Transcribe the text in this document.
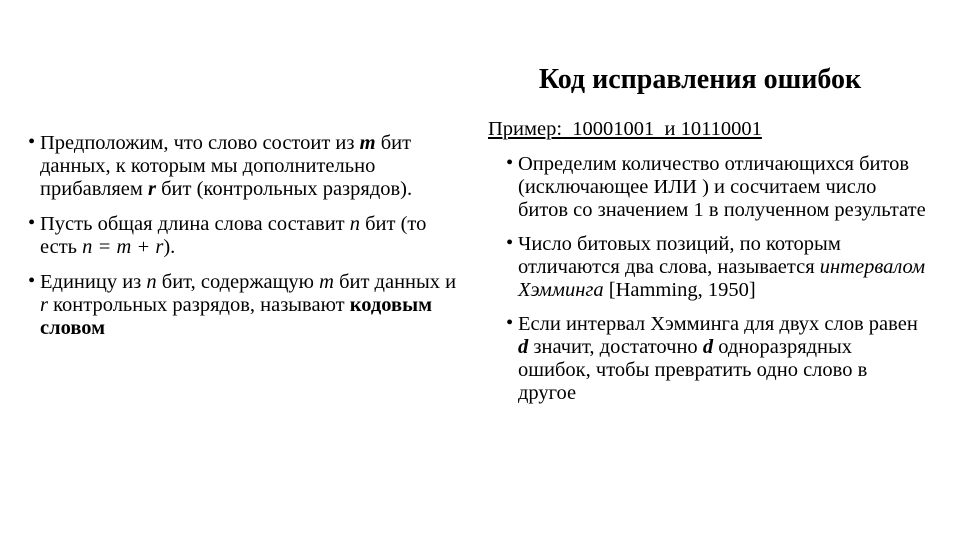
Код исправления ошибок
• Предположим, что слово состоит из m бит данных, к которым мы дополнительно прибавляем r бит (контрольных разрядов).
• Пусть общая длина слова составит n бит (то есть n = m + r).
• Единицу из n бит, содержащую m бит данных и r контрольных разрядов, называют кодовым словом
Пример:  10001001  и 10110001
• Определим количество отличающихся битов (исключающее ИЛИ ) и сосчитаем число битов со значением 1 в полученном результате
• Число битовых позиций, по которым отличаются два слова, называется интервалом Хэмминга [Hamming, 1950]
• Если интервал Хэмминга для двух слов равен d значит, достаточно d одноразрядных ошибок, чтобы превратить одно слово в другое
